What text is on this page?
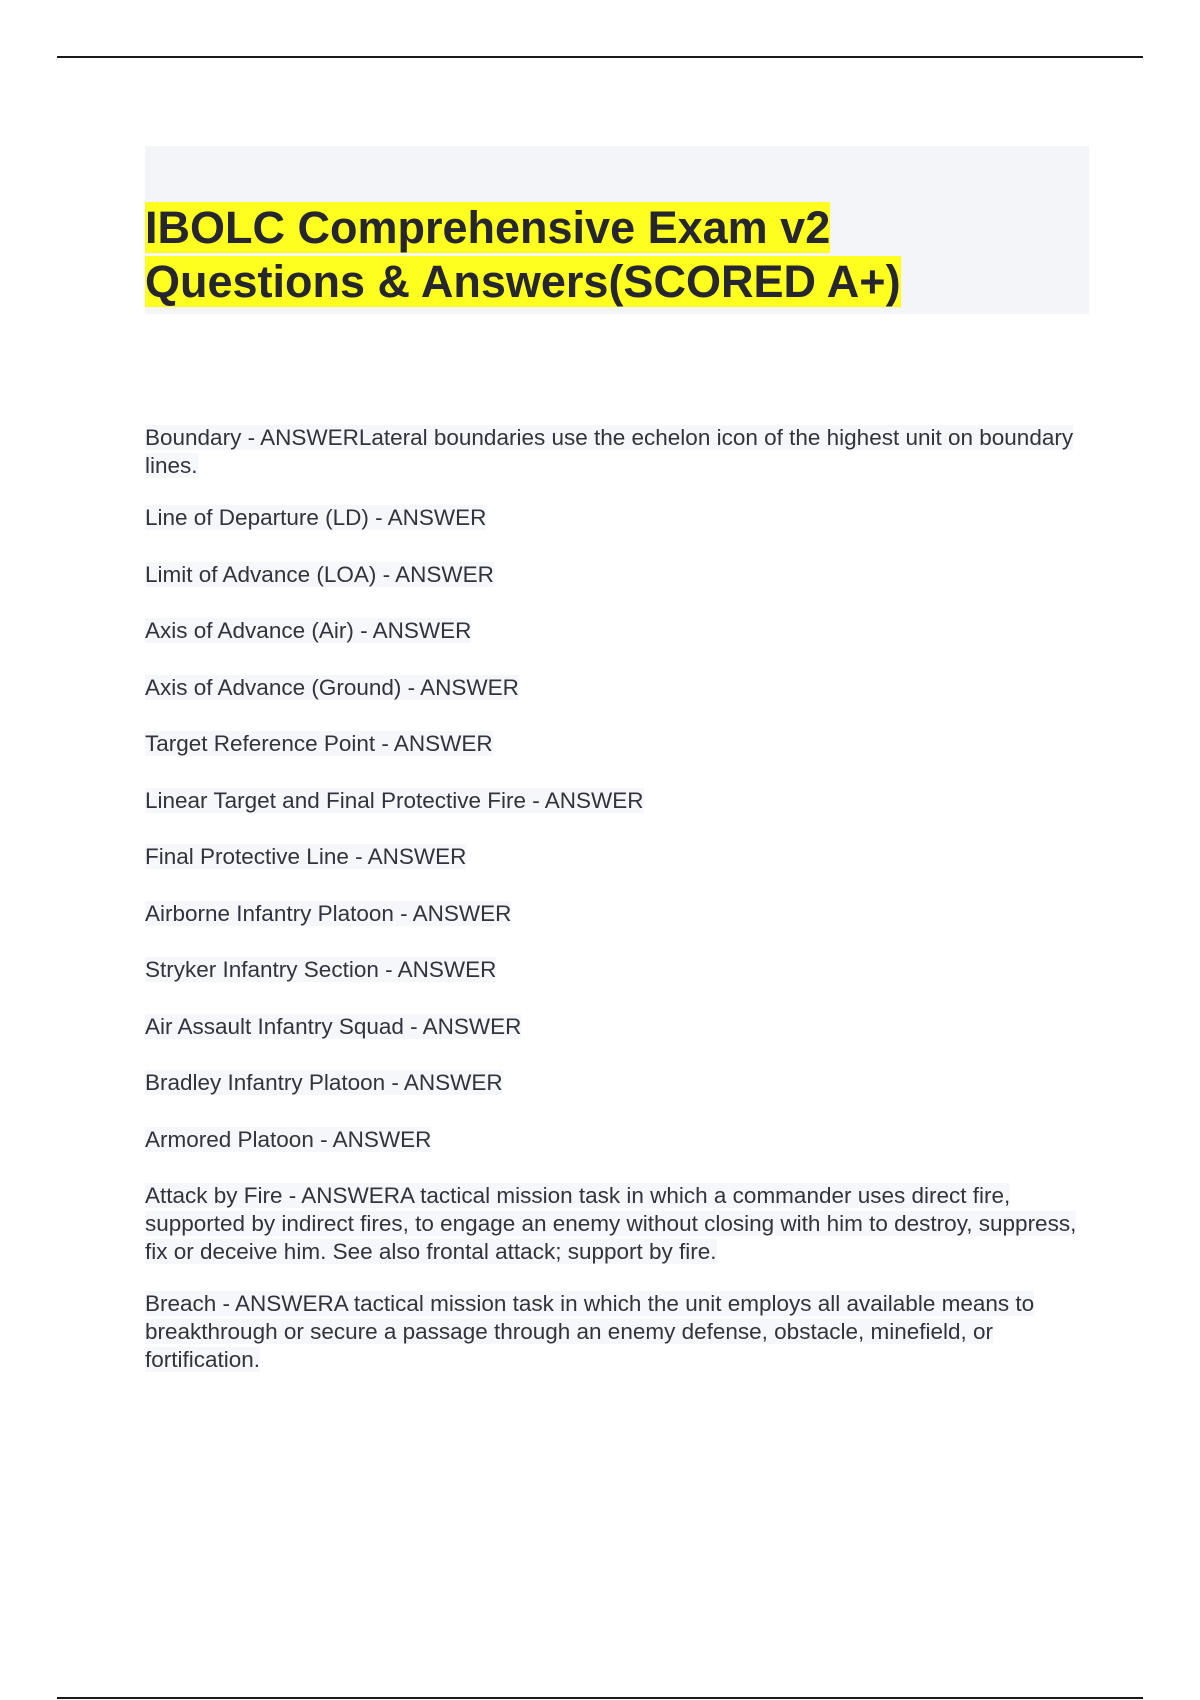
IBOLC Comprehensive Exam v2
Questions & Answers(SCORED A+)

Boundary - ANSWERLateral boundaries use the echelon icon of the highest unit on boundary lines.

Line of Departure (LD) - ANSWER

Limit of Advance (LOA) - ANSWER

Axis of Advance (Air) - ANSWER

Axis of Advance (Ground) - ANSWER

Target Reference Point - ANSWER

Linear Target and Final Protective Fire - ANSWER

Final Protective Line - ANSWER

Airborne Infantry Platoon - ANSWER

Stryker Infantry Section - ANSWER

Air Assault Infantry Squad - ANSWER

Bradley Infantry Platoon - ANSWER

Armored Platoon - ANSWER

Attack by Fire - ANSWERA tactical mission task in which a commander uses direct fire, supported by indirect fires, to engage an enemy without closing with him to destroy, suppress, fix or deceive him. See also frontal attack; support by fire.

Breach - ANSWERA tactical mission task in which the unit employs all available means to breakthrough or secure a passage through an enemy defense, obstacle, minefield, or fortification.
